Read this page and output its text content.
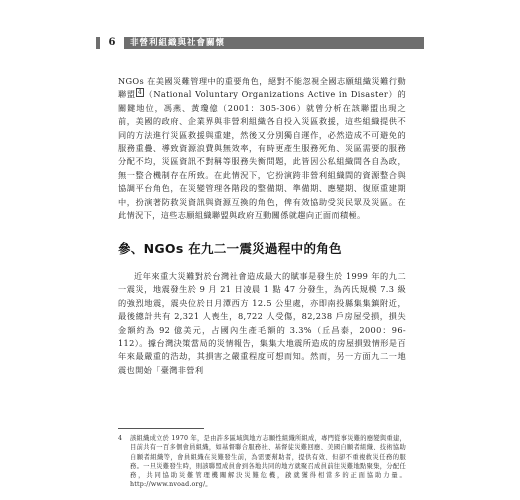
6	非營利組織與社會關懷

NGOs 在美國災難管理中的重要角色，絕對不能忽視全國志願組織災難行動聯盟 $^4$ （National Voluntary Organizations Active in Disaster）的關鍵地位，馮燕、黃瓊億（2001：305-306）就曾分析在該聯盟出現之前，美國的政府、企業界與非營利組織各自投入災區救援，這些組織提供不同的方法進行災區救援與重建，然後又分別獨自運作，必然造成不可避免的服務重疊、導致資源浪費與無效率，有時更產生服務死角、災區需要的服務分配不均，災區資訊不對稱等服務失衡問題，此皆因公私組織間各自為政，無一整合機制存在所致。在此情況下，它扮演跨非營利組織間的資源整合與協調平台角色，在災變管理各階段的整備期、準備期、應變期、復原重建期中，扮演著防救災資訊與資源互換的角色，俾有效協助受災民眾及災區。在此情況下，這些志願組織聯盟與政府互動關係就趨向正面而積極。

參、NGOs 在九二一震災過程中的角色

近年來重大災難對於台灣社會造成最大的賦事是發生於 1999 年的九二一震災，地震發生於 9 月 21 日凌晨 1 點 47 分發生，為芮氏規模 7.3 級的強烈地震，震央位於日月潭西方 12.5 公里處，亦即南投縣集集鎮附近，最後總計共有 2,321 人喪生，8,722 人受傷，82,238 戶房屋受損，損失金額約為 92 億美元，占國內生產毛額的 3.3%（丘昌泰，2000：96-112）。據台灣決策當局的災情報告，集集大地震所造成的房屋損毀情形是百年來最嚴重的浩劫，其損害之嚴重程度可想而知。然而，另一方面九二一地震也開始「臺灣非營利

4	該組織成立於 1970 年，是由許多區域與地方志願性組織所組成，專門從事災難的應變與重建，目前共有一百多個會員組織，如基督聯合服務社、基督徒災難回應、美國自願者組織、技術協助自願者組織等，會員組織在災難發生前，為需要幫助者，提供有效、但卻不重複救災任務的服務。一旦災難發生時，則該聯盟成員會到各地共同的地方就聚召成員前往災難地點聚集，分配任務，共同協助災難管理機關解決災難危機，啟就獲得相當多的正面協助力量。http://www.nvoad.org/。
